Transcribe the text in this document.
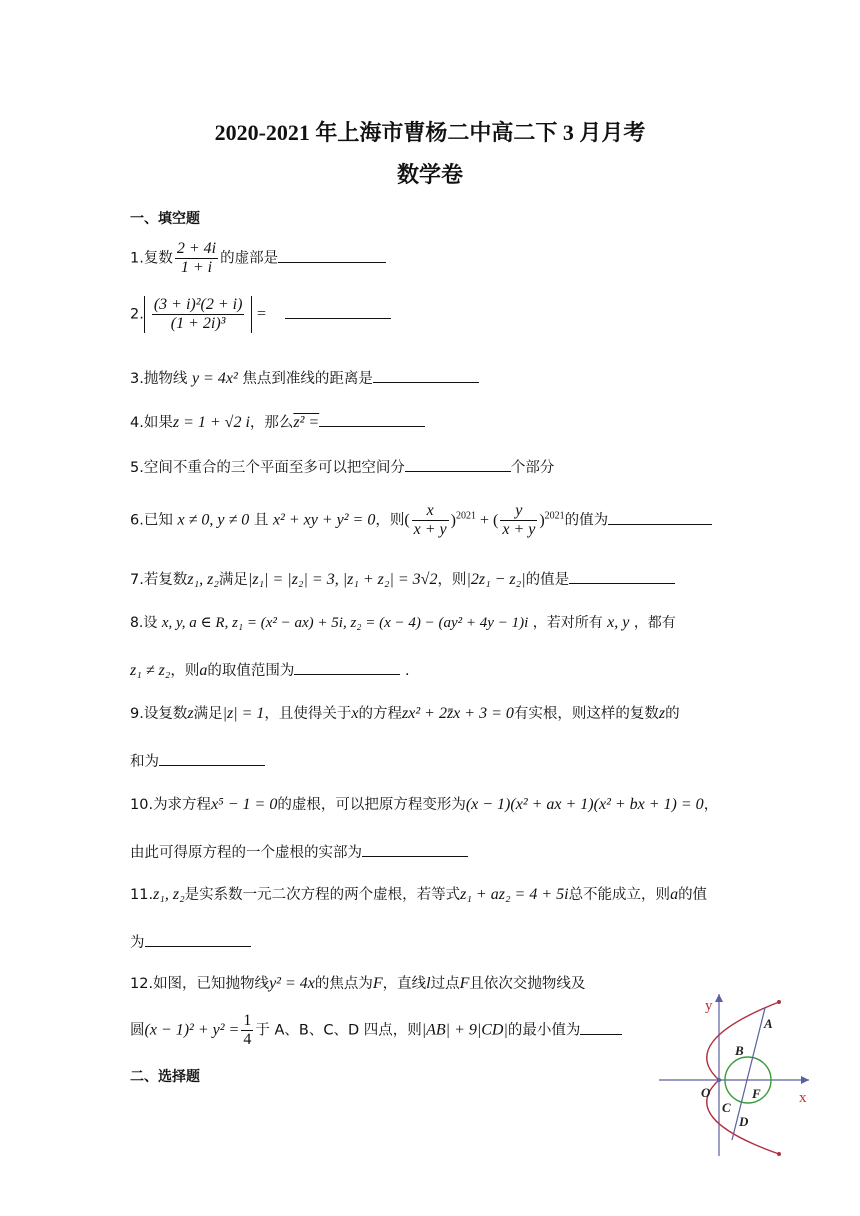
2020-2021 年上海市曹杨二中高二下 3 月月考
数学卷
一、填空题
1.复数 $\frac{2 + 4i}{1 + i}$ 的虚部是
2. $\frac{\text{(3 + i)²(2 + i)}}{\text{(1 + 2i)³}}$ =
3.抛物线 y = 4x² 焦点到准线的距离是
4.如果z = 1 + √2 i，那么z² =
5.空间不重合的三个平面至多可以把空间分	个部分
6.已知 x ≠ 0, y ≠ 0 且 x² + xy + y² = 0，则( $\frac{x}{x + y} )^{2021}$ + ( $\frac{y}{x + y} )^{2021}$的值为
7.若复数z₁, z₂满足|z₁| = |z₂| = 3, |z₁ + z₂| = 3√2，则|2z₁ − z₂|的值是
8.设 x, y, a ∈ R, z₁ = (x² − ax) + 5i, z₂ = (x − 4) − (ay² + 4y − 1)i ，若对所有 x, y ，都有
z₁ ≠ z₂，则a的取值范围为	.
9.设复数z满足|z| = 1，且使得关于x的方程zx² + 2z̄x + 3 = 0有实根，则这样的复数z的
和为
10.为求方程x⁵ − 1 = 0的虚根，可以把原方程变形为(x − 1)(x² + ax + 1)(x² + bx + 1) = 0，
由此可得原方程的一个虚根的实部为
11.z₁, z₂是实系数一元二次方程的两个虚根，若等式z₁ + az₂ = 4 + 5i总不能成立，则a的值
为
12.如图，已知抛物线y² = 4x的焦点为F，直线l过点F且依次交抛物线及
圆$(x - 1)^2 + y^2 = \frac{1}{4}$ 于 A、B、C、D 四点，则|AB| + 9|CD|的最小值为
二、选择题
y
x
O	F
A
B
C
D
